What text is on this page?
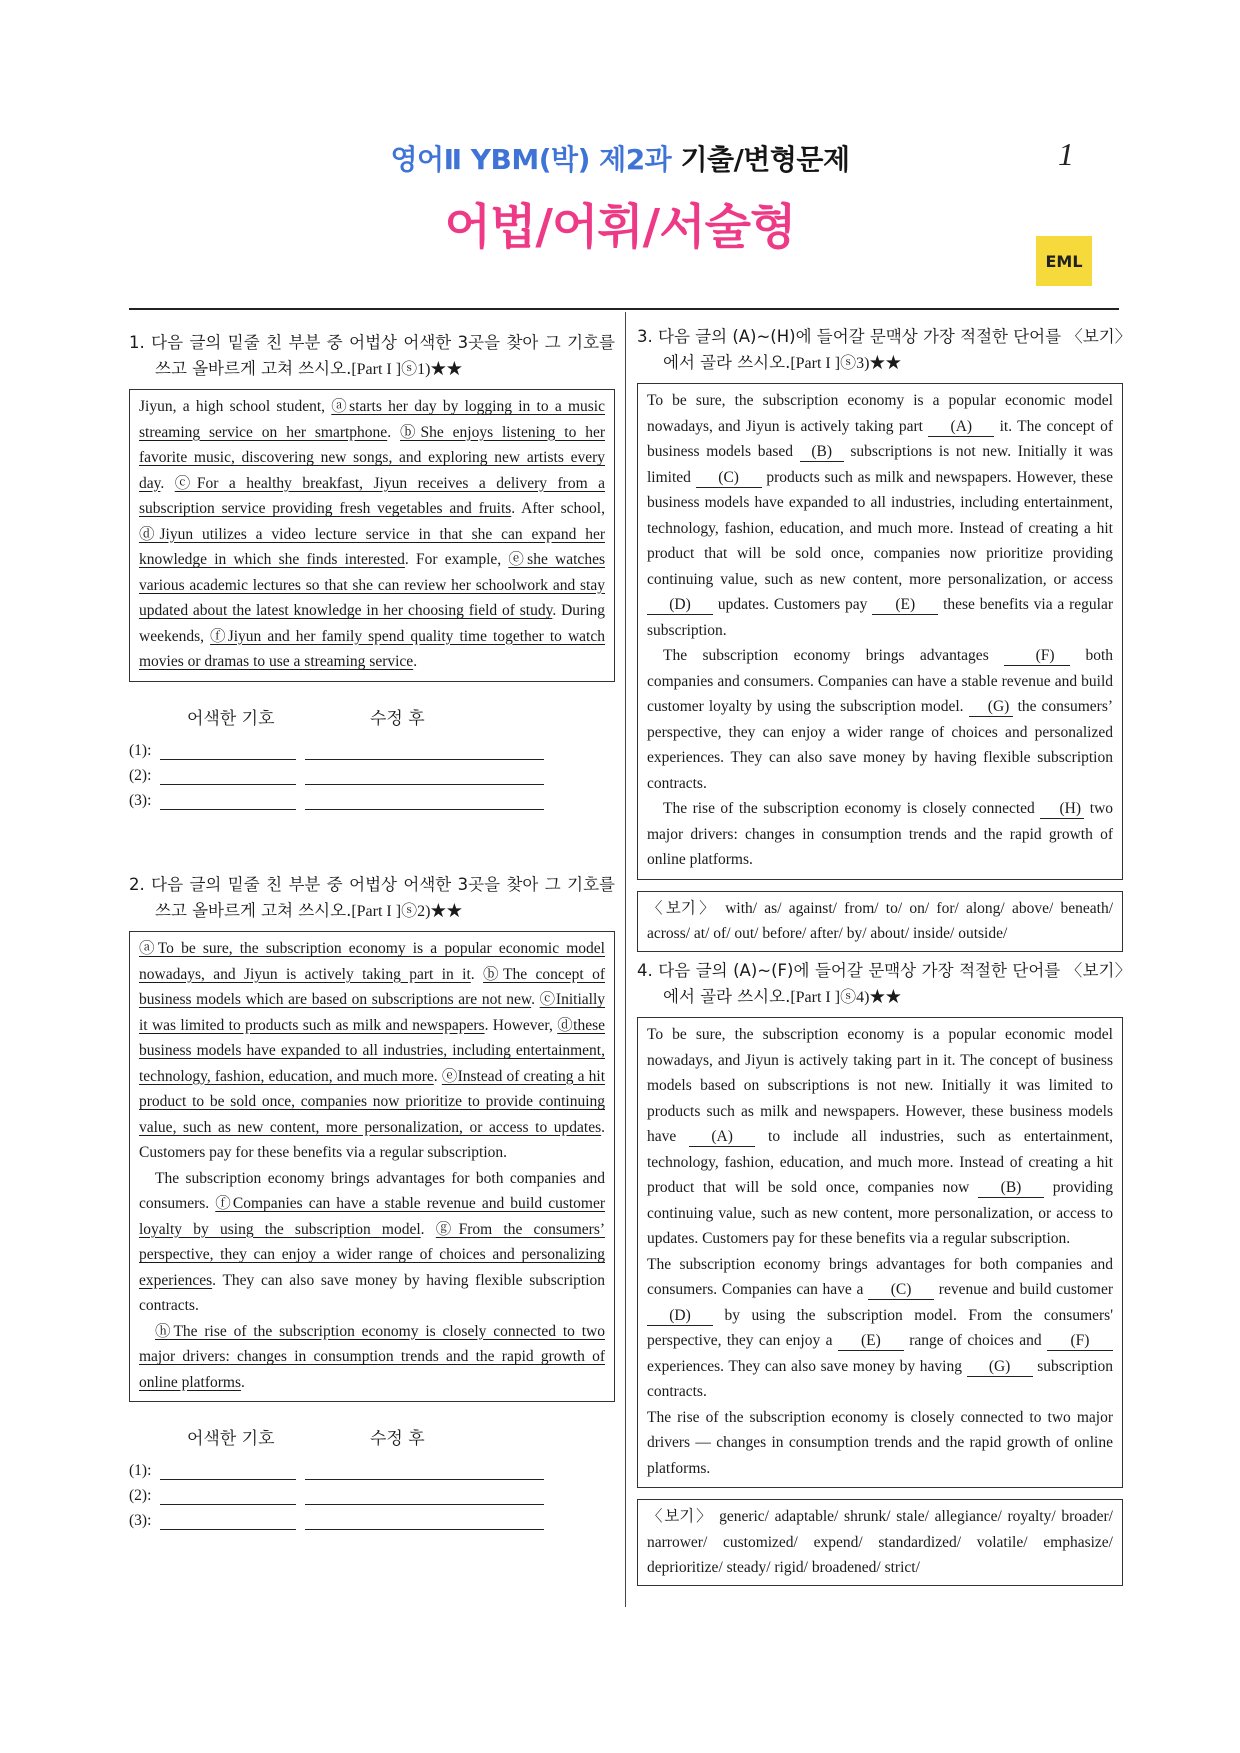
영어Ⅱ YBM(박) 제2과 기출/변형문제	1
어법/어휘/서술형
EML
1. 다음 글의 밑줄 친 부분 중 어법상 어색한 3곳을 찾아 그 기호를 쓰고 올바르게 고쳐 쓰시오.[Part I ]ⓢ1)★★
Jiyun, a high school student, ⓐstarts her day by logging in to a music streaming service on her smartphone. ⓑShe enjoys listening to her favorite music, discovering new songs, and exploring new artists every day. ⓒFor a healthy breakfast, Jiyun receives a delivery from a subscription service providing fresh vegetables and fruits. After school, ⓓJiyun utilizes a video lecture service in that she can expand her knowledge in which she finds interested. For example, ⓔshe watches various academic lectures so that she can review her schoolwork and stay updated about the latest knowledge in her choosing field of study. During weekends, ⓕJiyun and her family spend quality time together to watch movies or dramas to use a streaming service.
어색한 기호	수정 후
(1):
(2):
(3):
2. 다음 글의 밑줄 친 부분 중 어법상 어색한 3곳을 찾아 그 기호를 쓰고 올바르게 고쳐 쓰시오.[Part I ]ⓢ2)★★

ⓐTo be sure, the subscription economy is a popular economic model nowadays, and Jiyun is actively taking part in it. ⓑThe concept of business models which are based on subscriptions are not new. ⓒInitially it was limited to products such as milk and newspapers. However, ⓓthese business models have expanded to all industries, including entertainment, technology, fashion, education, and much more. ⓔInstead of creating a hit product to be sold once, companies now prioritize to provide continuing value, such as new content, more personalization, or access to updates. Customers pay for these benefits via a regular subscription.

The subscription economy brings advantages for both companies and consumers. ⓕCompanies can have a stable revenue and build customer loyalty by using the subscription model. ⓖFrom the consumers’ perspective, they can enjoy a wider range of choices and personalizing experiences. They can also save money by having flexible subscription contracts.

ⓗThe rise of the subscription economy is closely connected to two major drivers: changes in consumption trends and the rapid growth of online platforms.

어색한 기호	수정 후
(1):
(2):
(3):
3. 다음 글의 (A)~(H)에 들어갈 문맥상 가장 적절한 단어를 〈보기〉에서 골라 쓰시오.[Part I ]ⓢ3)★★

To be sure, the subscription economy is a popular economic model nowadays, and Jiyun is actively taking part (A) it. The concept of business models based (B) subscriptions is not new. Initially it was limited (C) products such as milk and newspapers. However, these business models have expanded to all industries, including entertainment, technology, fashion, education, and much more. Instead of creating a hit product that will be sold once, companies now prioritize providing continuing value, such as new content, more personalization, or access (D) updates. Customers pay (E) these benefits via a regular subscription.

The subscription economy brings advantages (F) both companies and consumers. Companies can have a stable revenue and build customer loyalty by using the subscription model. (G) the consumers’ perspective, they can enjoy a wider range of choices and personalized experiences. They can also save money by having flexible subscription contracts.

The rise of the subscription economy is closely connected (H) two major drivers: changes in consumption trends and the rapid growth of online platforms.

〈보기〉 with/ as/ against/ from/ to/ on/ for/ along/ above/ beneath/ across/ at/ of/ out/ before/ after/ by/ about/ inside/ outside/
4. 다음 글의 (A)~(F)에 들어갈 문맥상 가장 적절한 단어를 〈보기〉에서 골라 쓰시오.[Part I ]ⓢ4)★★

To be sure, the subscription economy is a popular economic model nowadays, and Jiyun is actively taking part in it. The concept of business models based on subscriptions is not new. Initially it was limited to products such as milk and newspapers. However, these business models have (A) to include all industries, such as entertainment, technology, fashion, education, and much more. Instead of creating a hit product that will be sold once, companies now (B) providing continuing value, such as new content, more personalization, or access to updates. Customers pay for these benefits via a regular subscription.

The subscription economy brings advantages for both companies and consumers. Companies can have a (C) revenue and build customer (D) by using the subscription model. From the consumers' perspective, they can enjoy a (E) range of choices and (F) experiences. They can also save money by having (G) subscription contracts.

The rise of the subscription economy is closely connected to two major drivers — changes in consumption trends and the rapid growth of online platforms.

〈보기〉 generic/ adaptable/ shrunk/ stale/ allegiance/ royalty/ broader/ narrower/ customized/ expend/ standardized/ volatile/ emphasize/ deprioritize/ steady/ rigid/ broadened/ strict/
